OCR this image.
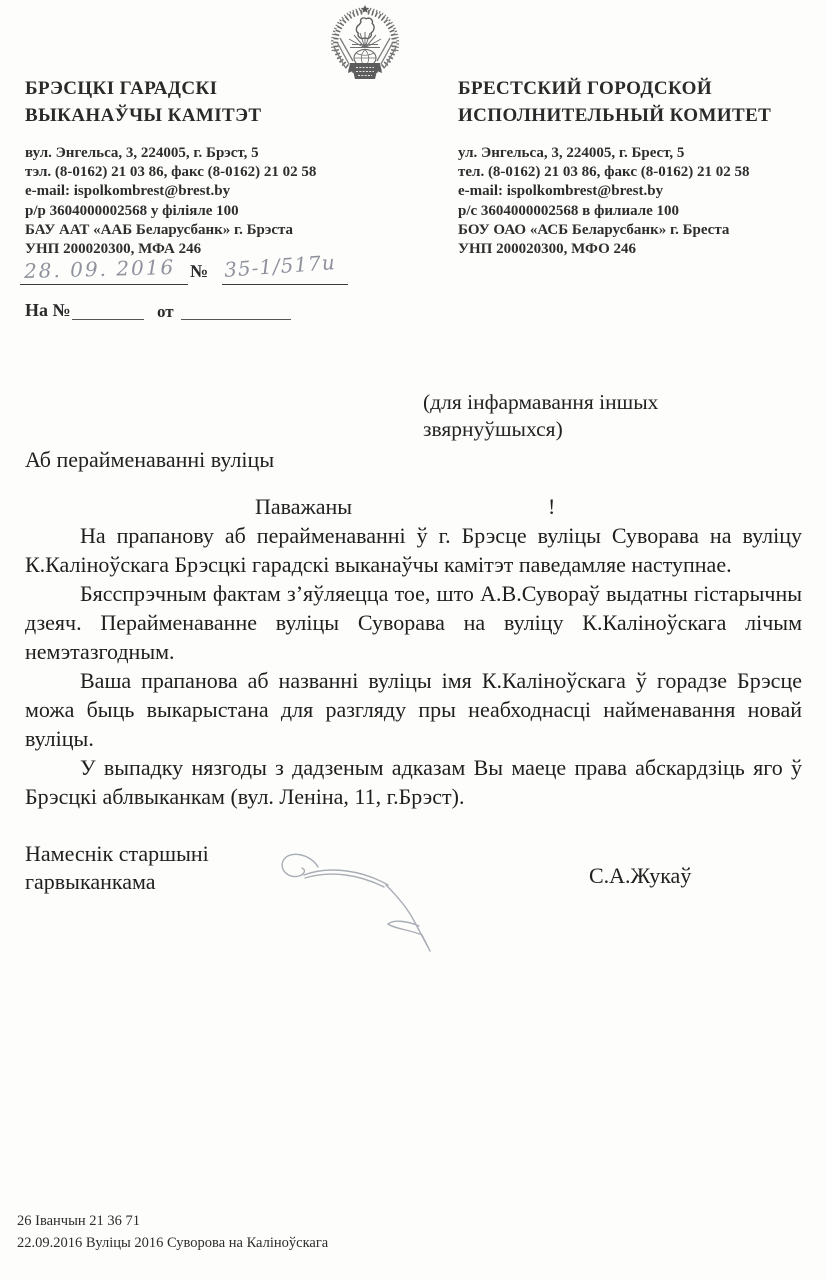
БРЭСЦКІ ГАРАДСКІ
ВЫКАНАЎЧЫ КАМІТЭТ
вул. Энгельса, 3, 224005, г. Брэст, 5
тэл. (8-0162) 21 03 86, факс (8-0162) 21 02 58
e-mail: ispolkombrest@brest.by
р/р 3604000002568 у філіяле 100
БАУ ААТ «ААБ Беларусбанк» г. Брэста
УНП 200020300, МФА 246
БРЕСТСКИЙ ГОРОДСКОЙ
ИСПОЛНИТЕЛЬНЫЙ КОМИТЕТ
ул. Энгельса, 3, 224005, г. Брест, 5
тел. (8-0162) 21 03 86, факс (8-0162) 21 02 58
e-mail: ispolkombrest@brest.by
р/с 3604000002568 в филиале 100
БОУ ОАО «АСБ Беларусбанк» г. Бреста
УНП 200020300, МФО 246
28. 09. 2016 № 35-1/517и
На №	от
(для інфармавання іншых
звярнуўшыхся)
Аб перайменаванні вуліцы
Паважаны	!

На прапанову аб перайменаванні ў г. Брэсце вуліцы Суворава на вуліцу К.Каліноўскага Брэсцкі гарадскі выканаўчы камітэт паведамляе наступнае.

Бясспрэчным фактам з’яўляецца тое, што А.В.Сувораў выдатны гістарычны дзеяч. Перайменаванне вуліцы Суворава на вуліцу К.Каліноўскага лічым немэтазгодным.

Ваша прапанова аб названні вуліцы імя К.Каліноўскага ў горадзе Брэсце можа быць выкарыстана для разгляду пры неабходнасці найменавання новай вуліцы.

У выпадку нязгоды з дадзеным адказам Вы маеце права абскардзіць яго ў Брэсцкі аблвыканкам (вул. Леніна, 11, г.Брэст).

Намеснік старшыні
гарвыканкама	С.А.Жукаў
26 Іванчын 21 36 71
22.09.2016 Вуліцы 2016 Суворова на Каліноўскага
